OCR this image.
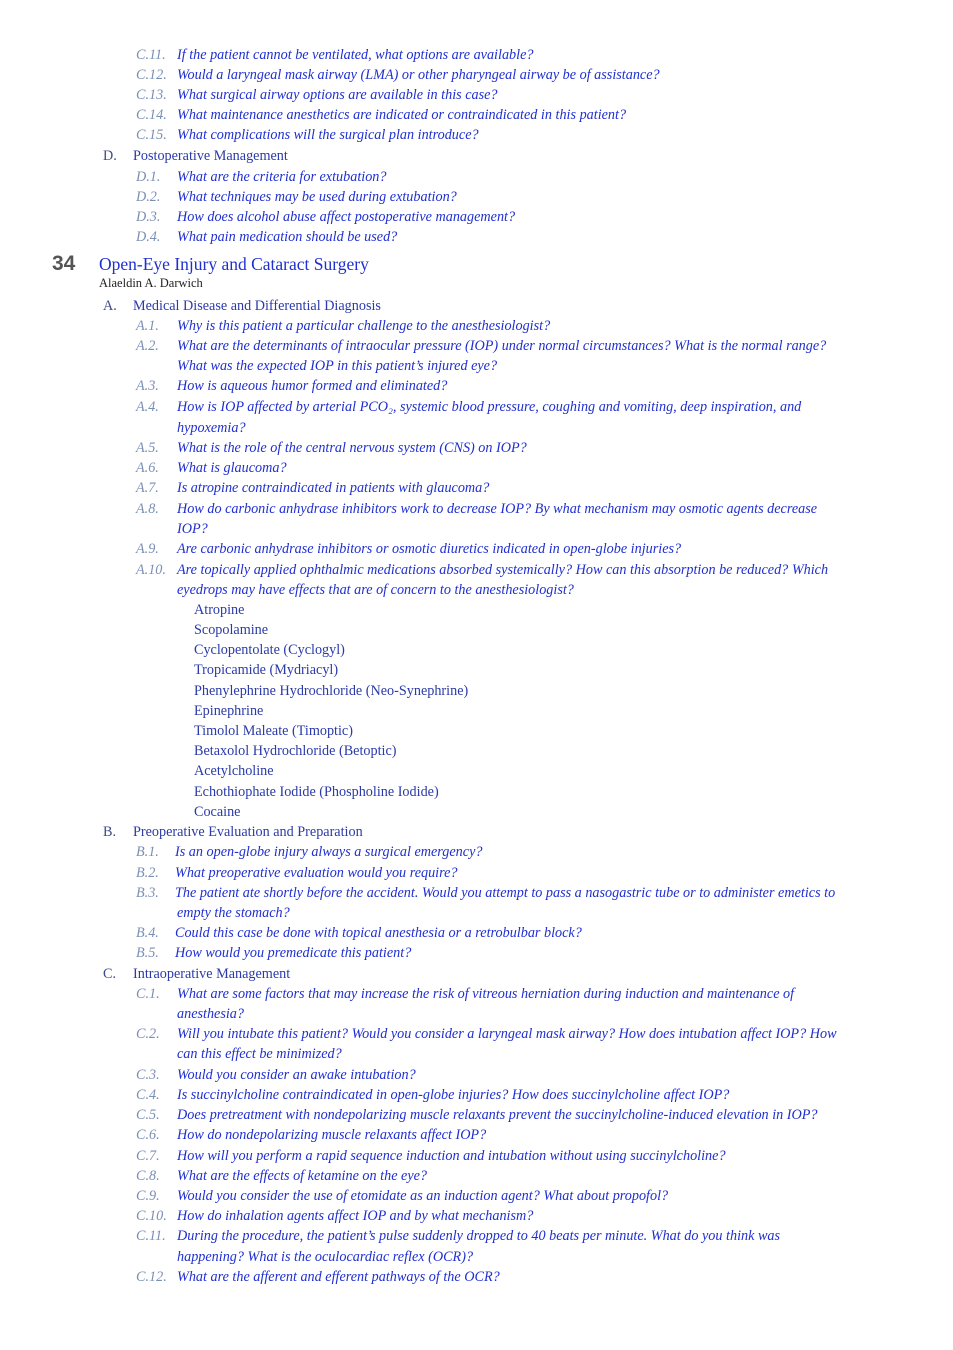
C.11. If the patient cannot be ventilated, what options are available?
C.12. Would a laryngeal mask airway (LMA) or other pharyngeal airway be of assistance?
C.13. What surgical airway options are available in this case?
C.14. What maintenance anesthetics are indicated or contraindicated in this patient?
C.15. What complications will the surgical plan introduce?
D. Postoperative Management
D.1. What are the criteria for extubation?
D.2. What techniques may be used during extubation?
D.3. How does alcohol abuse affect postoperative management?
D.4. What pain medication should be used?
34 Open-Eye Injury and Cataract Surgery
Alaeldin A. Darwich
A. Medical Disease and Differential Diagnosis
A.1. Why is this patient a particular challenge to the anesthesiologist?
A.2. What are the determinants of intraocular pressure (IOP) under normal circumstances? What is the normal range?
What was the expected IOP in this patient’s injured eye?
A.3. How is aqueous humor formed and eliminated?
A.4. How is IOP affected by arterial PCO₂, systemic blood pressure, coughing and vomiting, deep inspiration, and
hypoxemia?
A.5. What is the role of the central nervous system (CNS) on IOP?
A.6. What is glaucoma?
A.7. Is atropine contraindicated in patients with glaucoma?
A.8. How do carbonic anhydrase inhibitors work to decrease IOP? By what mechanism may osmotic agents decrease
IOP?
A.9. Are carbonic anhydrase inhibitors or osmotic diuretics indicated in open-globe injuries?
A.10. Are topically applied ophthalmic medications absorbed systemically? How can this absorption be reduced? Which
eyedrops may have effects that are of concern to the anesthesiologist?
Atropine
Scopolamine
Cyclopentolate (Cyclogyl)
Tropicamide (Mydriacyl)
Phenylephrine Hydrochloride (Neo-Synephrine)
Epinephrine
Timolol Maleate (Timoptic)
Betaxolol Hydrochloride (Betoptic)
Acetylcholine
Echothiophate Iodide (Phospholine Iodide)
Cocaine
B. Preoperative Evaluation and Preparation
B.1. Is an open-globe injury always a surgical emergency?
B.2. What preoperative evaluation would you require?
B.3. The patient ate shortly before the accident. Would you attempt to pass a nasogastric tube or to administer emetics to
empty the stomach?
B.4. Could this case be done with topical anesthesia or a retrobulbar block?
B.5. How would you premedicate this patient?
C. Intraoperative Management
C.1. What are some factors that may increase the risk of vitreous herniation during induction and maintenance of
anesthesia?
C.2. Will you intubate this patient? Would you consider a laryngeal mask airway? How does intubation affect IOP? How
can this effect be minimized?
C.3. Would you consider an awake intubation?
C.4. Is succinylcholine contraindicated in open-globe injuries? How does succinylcholine affect IOP?
C.5. Does pretreatment with nondepolarizing muscle relaxants prevent the succinylcholine-induced elevation in IOP?
C.6. How do nondepolarizing muscle relaxants affect IOP?
C.7. How will you perform a rapid sequence induction and intubation without using succinylcholine?
C.8. What are the effects of ketamine on the eye?
C.9. Would you consider the use of etomidate as an induction agent? What about propofol?
C.10. How do inhalation agents affect IOP and by what mechanism?
C.11. During the procedure, the patient’s pulse suddenly dropped to 40 beats per minute. What do you think was
happening? What is the oculocardiac reflex (OCR)?
C.12. What are the afferent and efferent pathways of the OCR?
